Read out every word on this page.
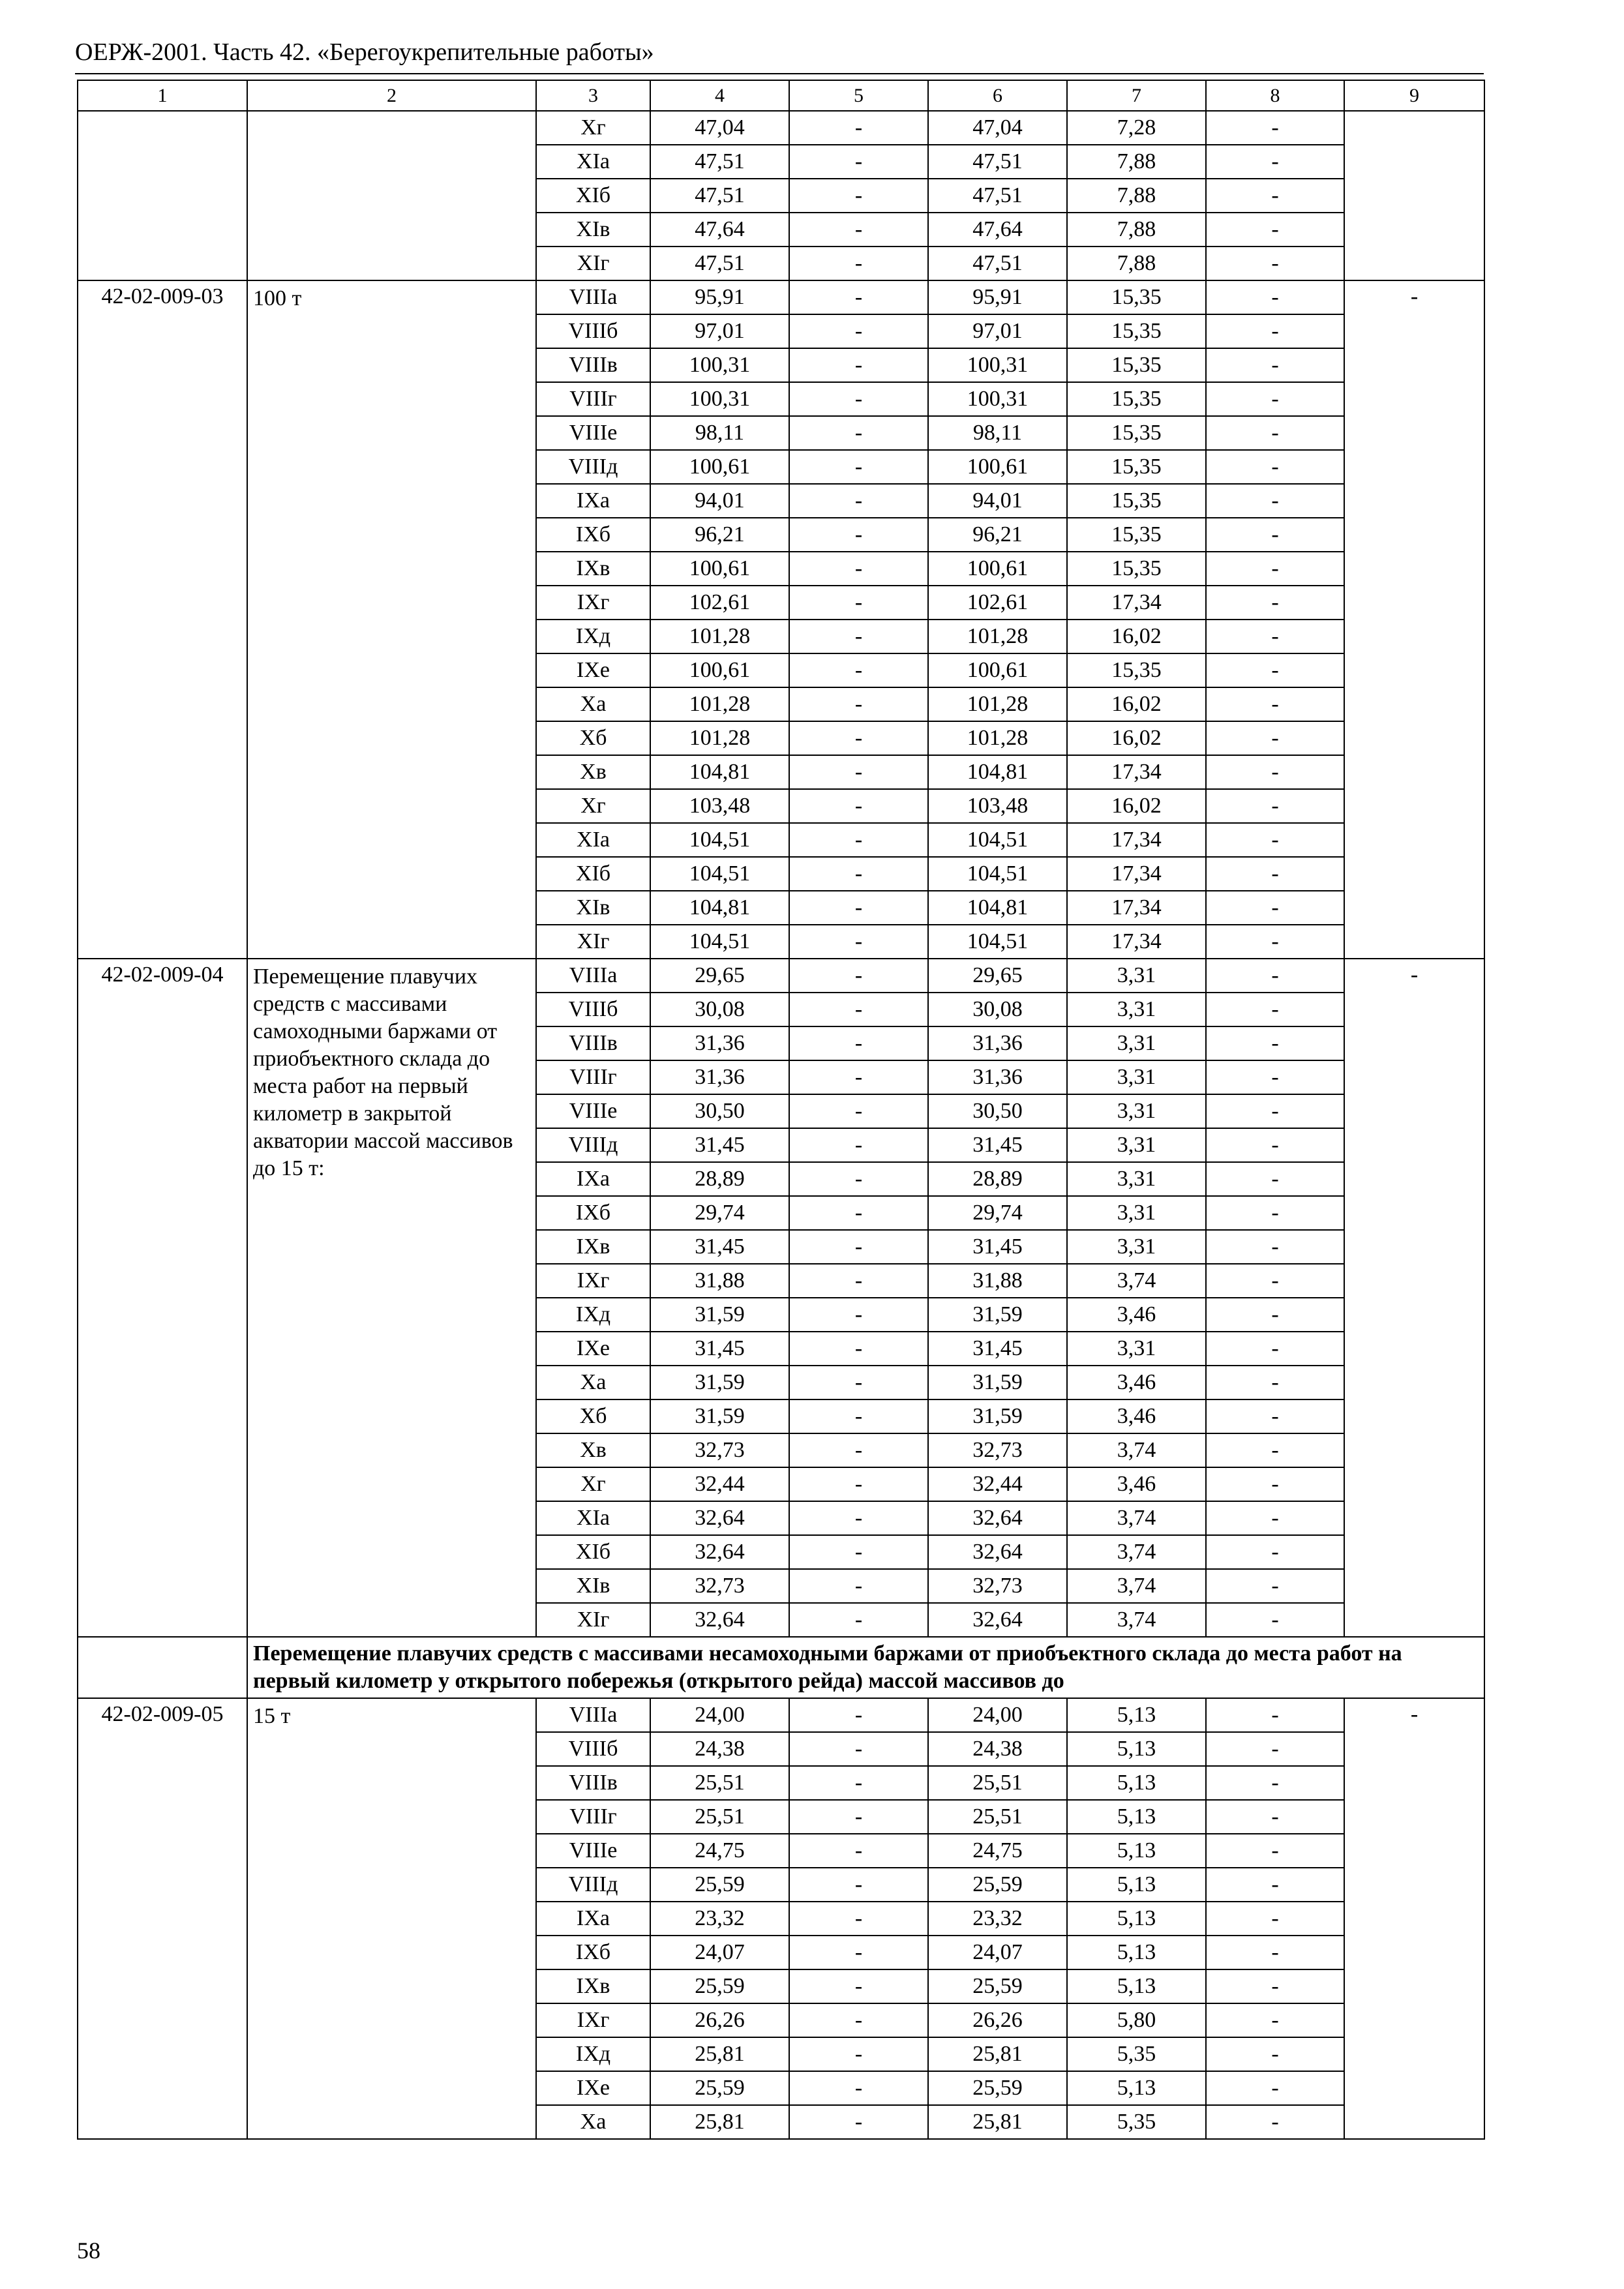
ОЕРЖ-2001. Часть 42. «Берегоукрепительные работы»
1	2	3	4	5	6	7	8	9
		Xг	47,04	-	47,04	7,28	-	
		XIа	47,51	-	47,51	7,88	-	
		XIб	47,51	-	47,51	7,88	-	
		XIв	47,64	-	47,64	7,88	-	
		XIг	47,51	-	47,51	7,88	-	
42-02-009-03	100 т	VIIIа	95,91	-	95,91	15,35	-	-
		VIIIб	97,01	-	97,01	15,35	-	
		VIIIв	100,31	-	100,31	15,35	-	
		VIIIг	100,31	-	100,31	15,35	-	
		VIIIе	98,11	-	98,11	15,35	-	
		VIIIд	100,61	-	100,61	15,35	-	
		IXа	94,01	-	94,01	15,35	-	
		IXб	96,21	-	96,21	15,35	-	
		IXв	100,61	-	100,61	15,35	-	
		IXг	102,61	-	102,61	17,34	-	
		IXд	101,28	-	101,28	16,02	-	
		IXе	100,61	-	100,61	15,35	-	
		Xа	101,28	-	101,28	16,02	-	
		Xб	101,28	-	101,28	16,02	-	
		Xв	104,81	-	104,81	17,34	-	
		Xг	103,48	-	103,48	16,02	-	
		XIа	104,51	-	104,51	17,34	-	
		XIб	104,51	-	104,51	17,34	-	
		XIв	104,81	-	104,81	17,34	-	
		XIг	104,51	-	104,51	17,34	-	
42-02-009-04	Перемещение плавучих средств с массивами самоходными баржами от приобъектного склада до места работ на первый километр в закрытой акватории массой массивов до 15 т:	VIIIа	29,65	-	29,65	3,31	-	-
		VIIIб	30,08	-	30,08	3,31	-	
		VIIIв	31,36	-	31,36	3,31	-	
		VIIIг	31,36	-	31,36	3,31	-	
		VIIIе	30,50	-	30,50	3,31	-	
		VIIIд	31,45	-	31,45	3,31	-	
		IXа	28,89	-	28,89	3,31	-	
		IXб	29,74	-	29,74	3,31	-	
		IXв	31,45	-	31,45	3,31	-	
		IXг	31,88	-	31,88	3,74	-	
		IXд	31,59	-	31,59	3,46	-	
		IXе	31,45	-	31,45	3,31	-	
		Xа	31,59	-	31,59	3,46	-	
		Xб	31,59	-	31,59	3,46	-	
		Xв	32,73	-	32,73	3,74	-	
		Xг	32,44	-	32,44	3,46	-	
		XIа	32,64	-	32,64	3,74	-	
		XIб	32,64	-	32,64	3,74	-	
		XIв	32,73	-	32,73	3,74	-	
		XIг	32,64	-	32,64	3,74	-	
	Перемещение плавучих средств с массивами несамоходными баржами от приобъектного склада до места работ на первый километр у открытого побережья (открытого рейда) массой массивов до							
42-02-009-05	15 т	VIIIа	24,00	-	24,00	5,13	-	-
		VIIIб	24,38	-	24,38	5,13	-	
		VIIIв	25,51	-	25,51	5,13	-	
		VIIIг	25,51	-	25,51	5,13	-	
		VIIIе	24,75	-	24,75	5,13	-	
		VIIIд	25,59	-	25,59	5,13	-	
		IXа	23,32	-	23,32	5,13	-	
		IXб	24,07	-	24,07	5,13	-	
		IXв	25,59	-	25,59	5,13	-	
		IXг	26,26	-	26,26	5,80	-	
		IXд	25,81	-	25,81	5,35	-	
		IXе	25,59	-	25,59	5,13	-	
		Xа	25,81	-	25,81	5,35	-	
58
